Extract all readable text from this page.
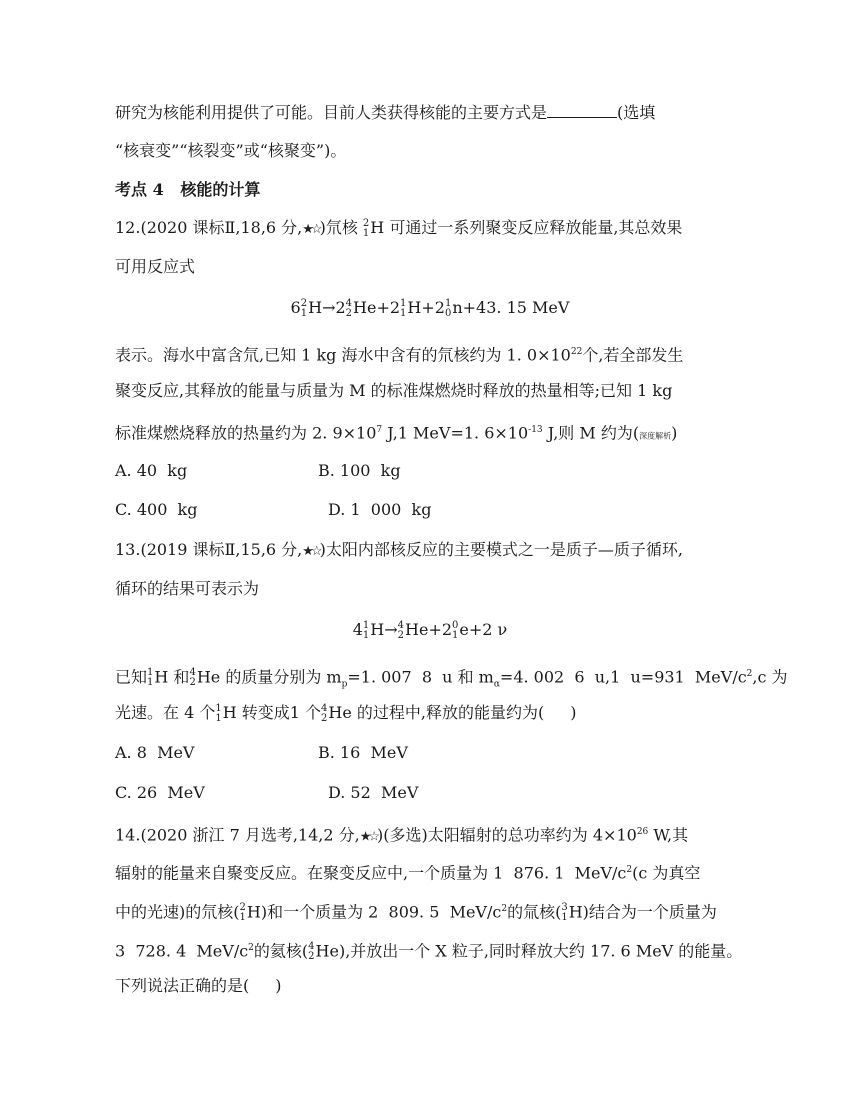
研究为核能利用提供了可能。目前人类获得核能的主要方式是	(选填
“核衰变”“核裂变”或“核聚变”)。
考点 4   核能的计算
12.(2020 课标Ⅱ,18,6 分,★☆)氘核 2
1 H 可通过一系列聚变反应释放能量,其总效果
可用反应式
6 2
1 H→2 4
2 He+2 1
1 H+2 1
0 n+43. 15 MeV
表示。海水中富含氘,已知 1 kg 海水中含有的氘核约为 1. $0\times 10^{22}$个,若全部发生
聚变反应,其释放的能量与质量为 M 的标准煤燃烧时释放的热量相等;已知 1 kg
标准煤燃烧释放的热量约为 2. $9\times 10^7$ J,1 MeV=1. $6\times 10^{-13}$ J,则 M 约为(深度解析)
A. 40  kg	B. 100  kg
C. 400  kg	D. 1  000  kg
13.(2019 课标Ⅱ,15,6 分,★☆)太阳内部核反应的主要模式之一是质子—质子循环,
循环的结果可表示为
4 1
1 H→ 4
2 He+2 0
1 e+2 ν
已知 1
1 H 和 4
2 He 的质量分别为 $m_p=1$. 007  8  u 和 $m_\alpha=4$. 002  6  u,1  u=931  MeV/$c^2,c$ 为
光速。在 4 个 1
1 H 转变成1 个 4
2 He 的过程中,释放的能量约为( )
A. 8  MeV	B. 16  MeV
C. 26  MeV	D. 52  MeV
14.(2020 浙江 7 月选考,14,2 分,★☆)(多选)太阳辐射的总功率约为 $4\times 10^{26}$ W,其
辐射的能量来自聚变反应。在聚变反应中,一个质量为 1  876. 1  MeV/$c^2(c$ 为真空
中的光速)的氘核( 2
1 H)和一个质量为 2  809. 5  MeV/$c^2$的氚核( 3
1 H)结合为一个质量为
3  728. 4  MeV/$c^2$的氦核( 4
2 He),并放出一个 X 粒子,同时释放大约 17. 6 MeV 的能量。
下列说法正确的是( )
